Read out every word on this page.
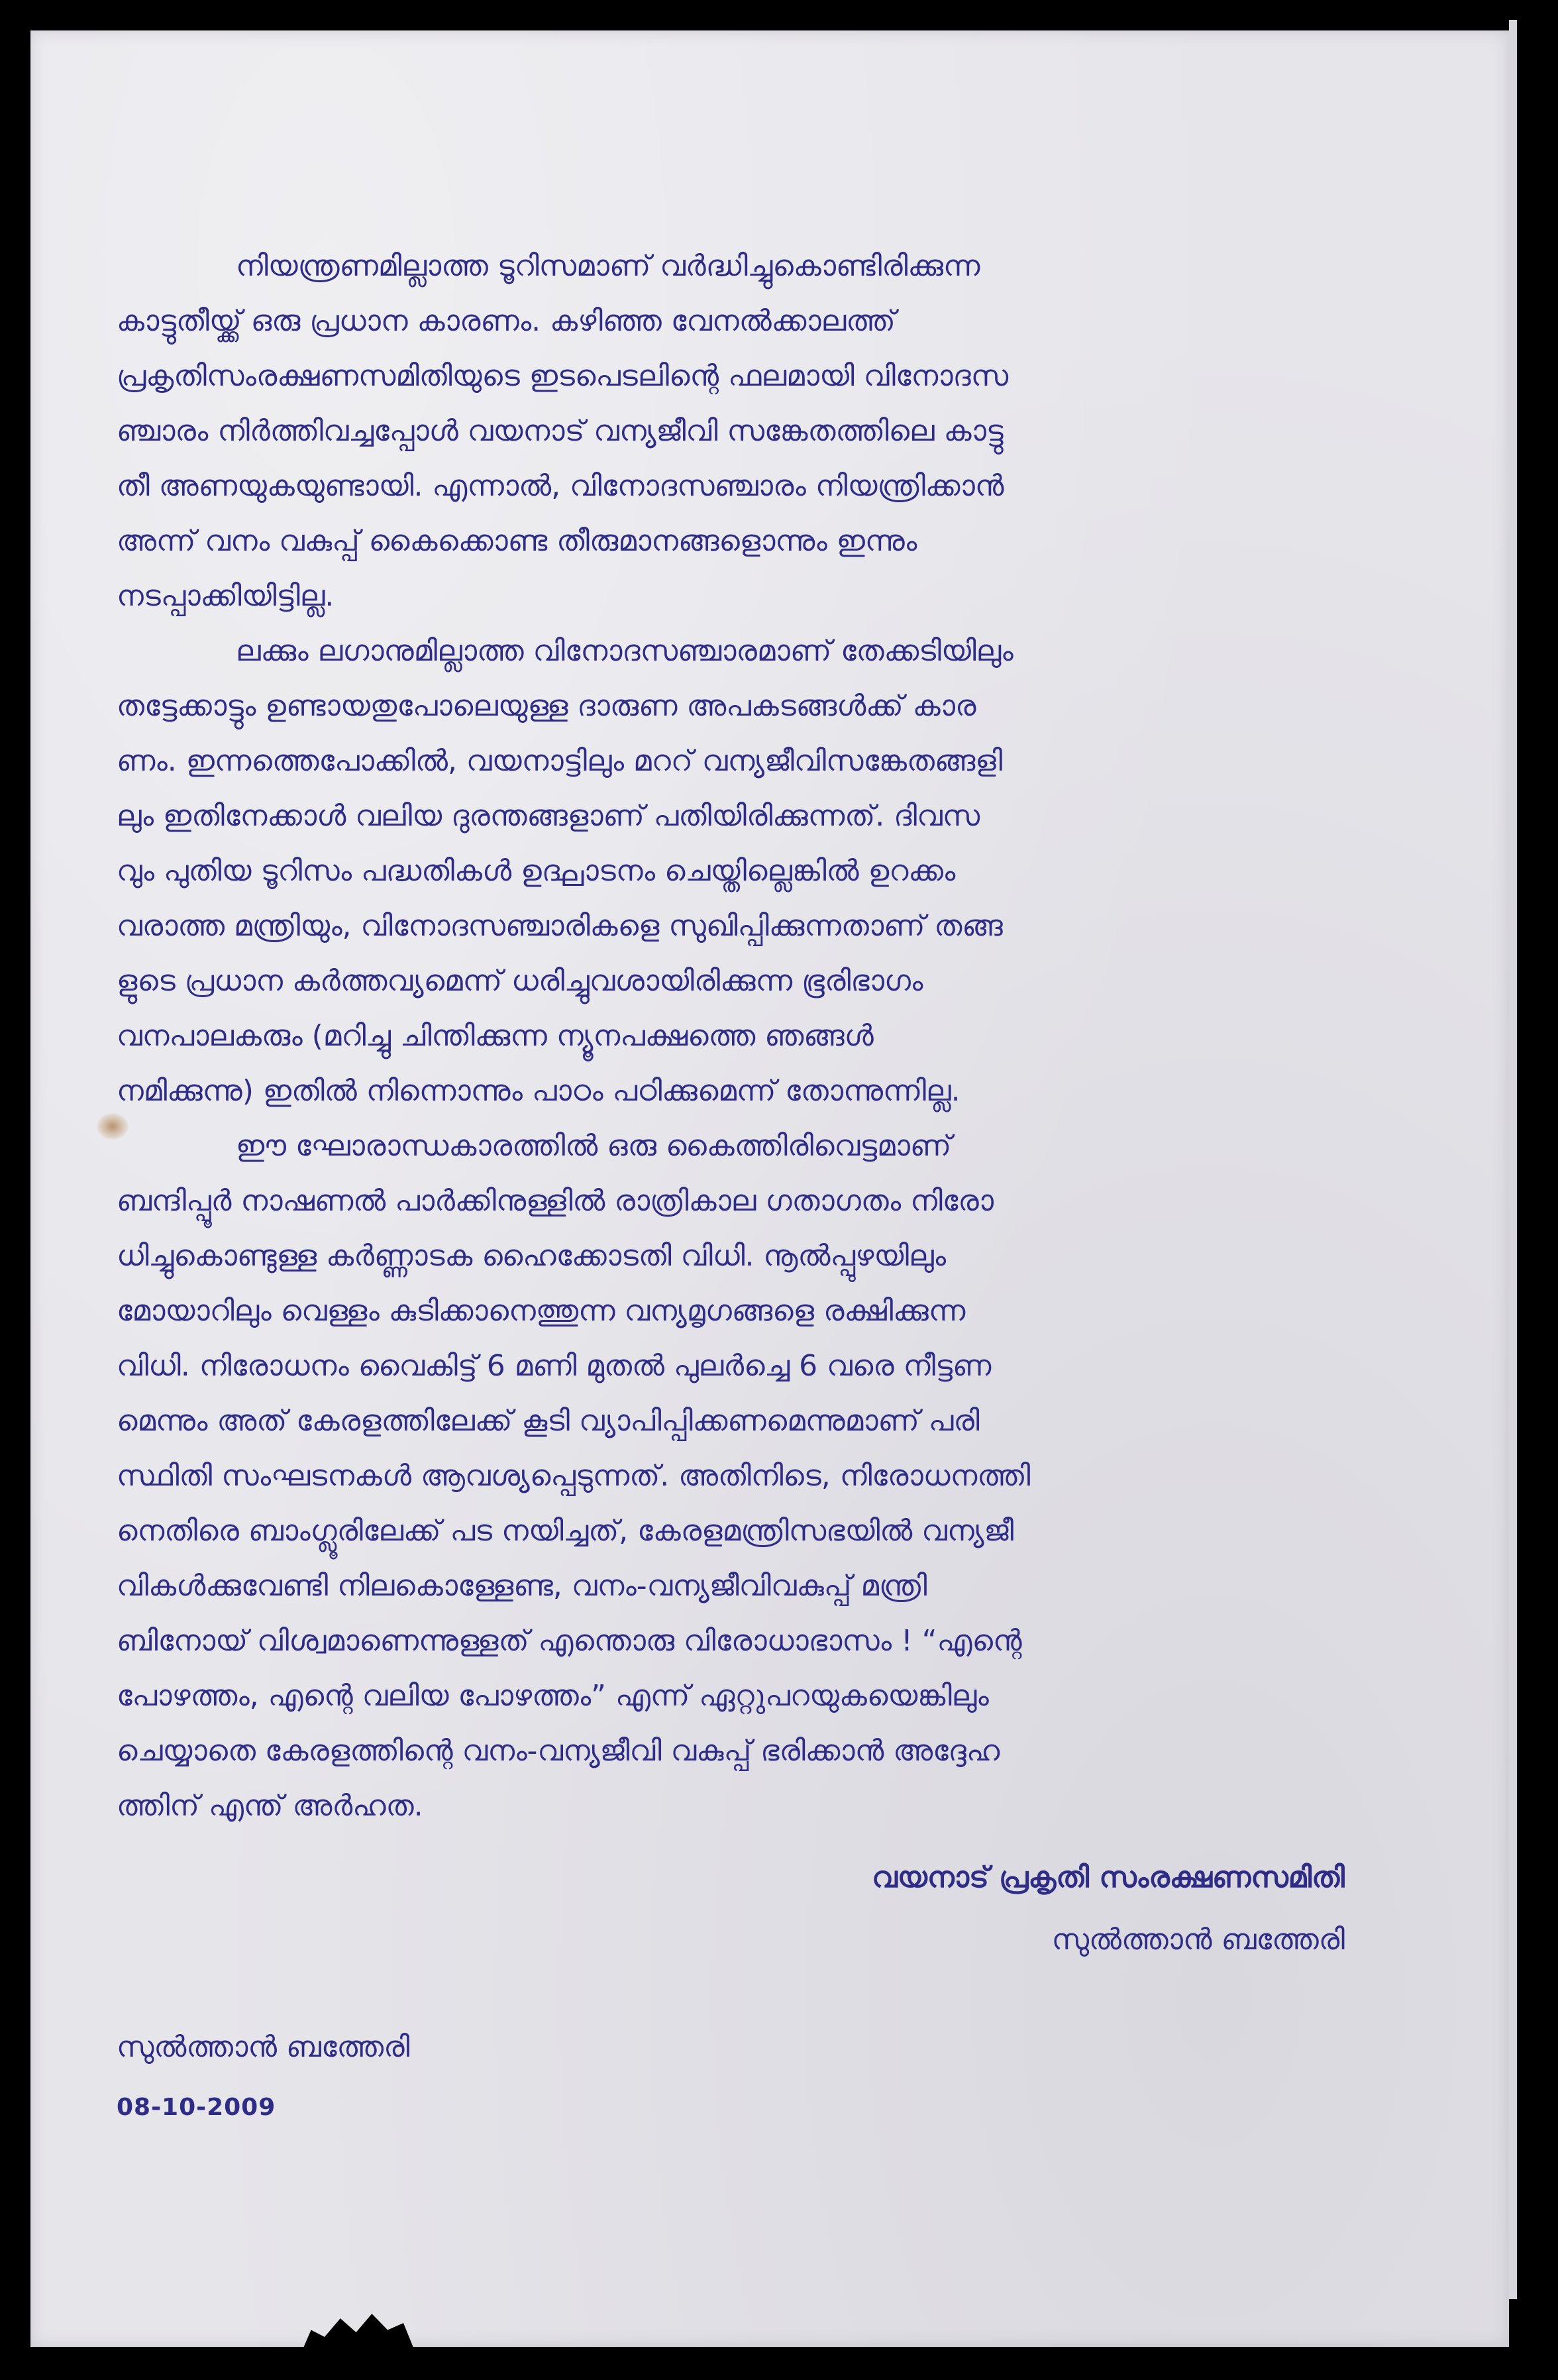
നിയന്ത്രണമില്ലാത്ത ടൂറിസമാണ് വർദ്ധിച്ചുകൊണ്ടിരിക്കുന്ന
കാട്ടുതീയ്ക്ക് ഒരു പ്രധാന കാരണം. കഴിഞ്ഞ വേനൽക്കാലത്ത്
പ്രകൃതിസംരക്ഷണസമിതിയുടെ ഇടപെടലിന്റെ ഫലമായി വിനോദസ
ഞ്ചാരം നിർത്തിവച്ചപ്പോൾ വയനാട് വന്യജീവി സങ്കേതത്തിലെ കാട്ടു
തീ അണയുകയുണ്ടായി. എന്നാൽ, വിനോദസഞ്ചാരം നിയന്ത്രിക്കാൻ
അന്ന് വനം വകുപ്പ് കൈക്കൊണ്ട തീരുമാനങ്ങളൊന്നും ഇന്നും
നടപ്പാക്കിയിട്ടില്ല.

ലക്കും ലഗാനുമില്ലാത്ത വിനോദസഞ്ചാരമാണ് തേക്കടിയിലും
തട്ടേക്കാട്ടും ഉണ്ടായതുപോലെയുള്ള ദാരുണ അപകടങ്ങൾക്ക് കാര
ണം. ഇന്നത്തെപോക്കിൽ, വയനാട്ടിലും മററ് വന്യജീവിസങ്കേതങ്ങളി
ലും ഇതിനേക്കാൾ വലിയ ദുരന്തങ്ങളാണ് പതിയിരിക്കുന്നത്. ദിവസ
വും പുതിയ ടൂറിസം പദ്ധതികൾ ഉദ്ഘാടനം ചെയ്തില്ലെങ്കിൽ ഉറക്കം
വരാത്ത മന്ത്രിയും, വിനോദസഞ്ചാരികളെ സുഖിപ്പിക്കുന്നതാണ് തങ്ങ
ളുടെ പ്രധാന കർത്തവ്യമെന്ന് ധരിച്ചുവശായിരിക്കുന്ന ഭൂരിഭാഗം
വനപാലകരും (മറിച്ചു ചിന്തിക്കുന്ന ന്യൂനപക്ഷത്തെ ഞങ്ങൾ
നമിക്കുന്നു) ഇതിൽ നിന്നൊന്നും പാഠം പഠിക്കുമെന്ന് തോന്നുന്നില്ല.

ഈ ഘോരാന്ധകാരത്തിൽ ഒരു കൈത്തിരിവെട്ടമാണ്
ബന്ദിപ്പൂർ നാഷണൽ പാർക്കിനുള്ളിൽ രാത്രികാല ഗതാഗതം നിരോ
ധിച്ചുകൊണ്ടുള്ള കർണ്ണാടക ഹൈക്കോടതി വിധി. നൂൽപ്പുഴയിലും
മോയാറിലും വെള്ളം കുടിക്കാനെത്തുന്ന വന്യമൃഗങ്ങളെ രക്ഷിക്കുന്ന
വിധി. നിരോധനം വൈകിട്ട് 6 മണി മുതൽ പുലർച്ചെ 6 വരെ നീട്ടണ
മെന്നും അത് കേരളത്തിലേക്ക് കൂടി വ്യാപിപ്പിക്കണമെന്നുമാണ് പരി
സ്ഥിതി സംഘടനകൾ ആവശ്യപ്പെടുന്നത്. അതിനിടെ, നിരോധനത്തി
നെതിരെ ബാംഗ്ലൂരിലേക്ക് പട നയിച്ചത്, കേരളമന്ത്രിസഭയിൽ വന്യജീ
വികൾക്കുവേണ്ടി നിലകൊള്ളേണ്ട, വനം-വന്യജീവിവകുപ്പ് മന്ത്രി
ബിനോയ് വിശ്വമാണെന്നുള്ളത് എന്തൊരു വിരോധാഭാസം ! “എന്റെ
പോഴത്തം, എന്റെ വലിയ പോഴത്തം” എന്ന് ഏറ്റുപറയുകയെങ്കിലും
ചെയ്യാതെ കേരളത്തിന്റെ വനം-വന്യജീവി വകുപ്പ് ഭരിക്കാൻ അദ്ദേഹ
ത്തിന് എന്ത് അർഹത.

വയനാട് പ്രകൃതി സംരക്ഷണസമിതി
സുൽത്താൻ ബത്തേരി
സുൽത്താൻ ബത്തേരി
08-10-2009
